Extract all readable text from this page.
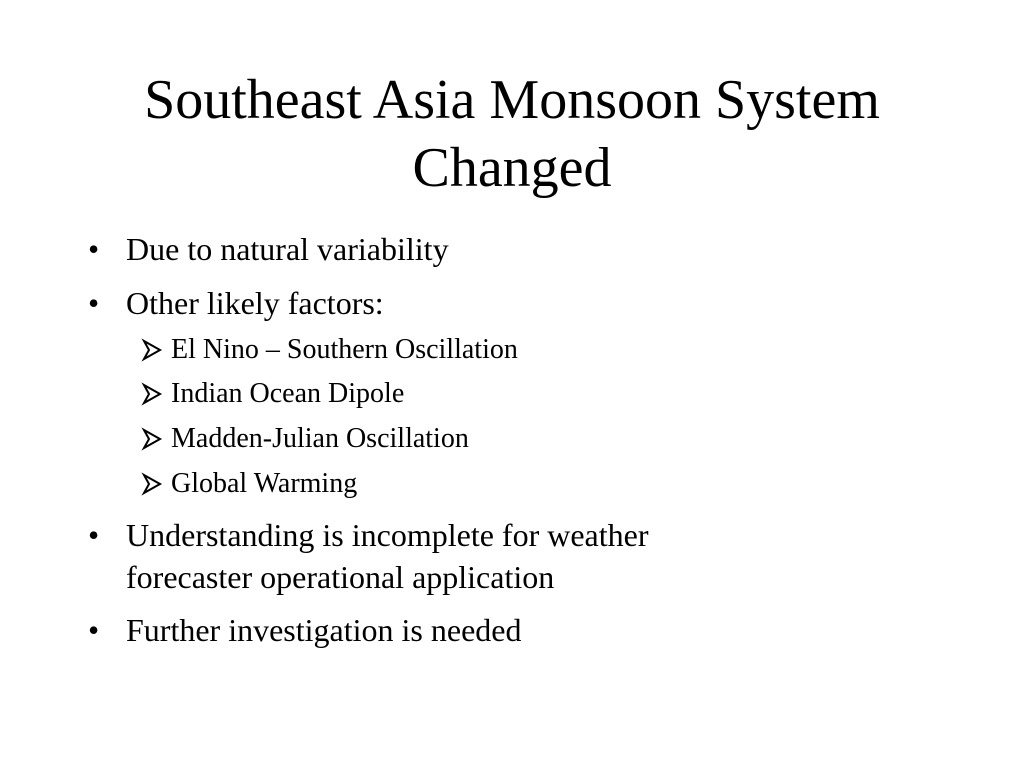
Southeast Asia Monsoon System
Changed
• Due to natural variability
• Other likely factors:
El Nino – Southern Oscillation
Indian Ocean Dipole
Madden-Julian Oscillation
Global Warming
• Understanding is incomplete for weather
forecaster operational application
• Further investigation is needed
